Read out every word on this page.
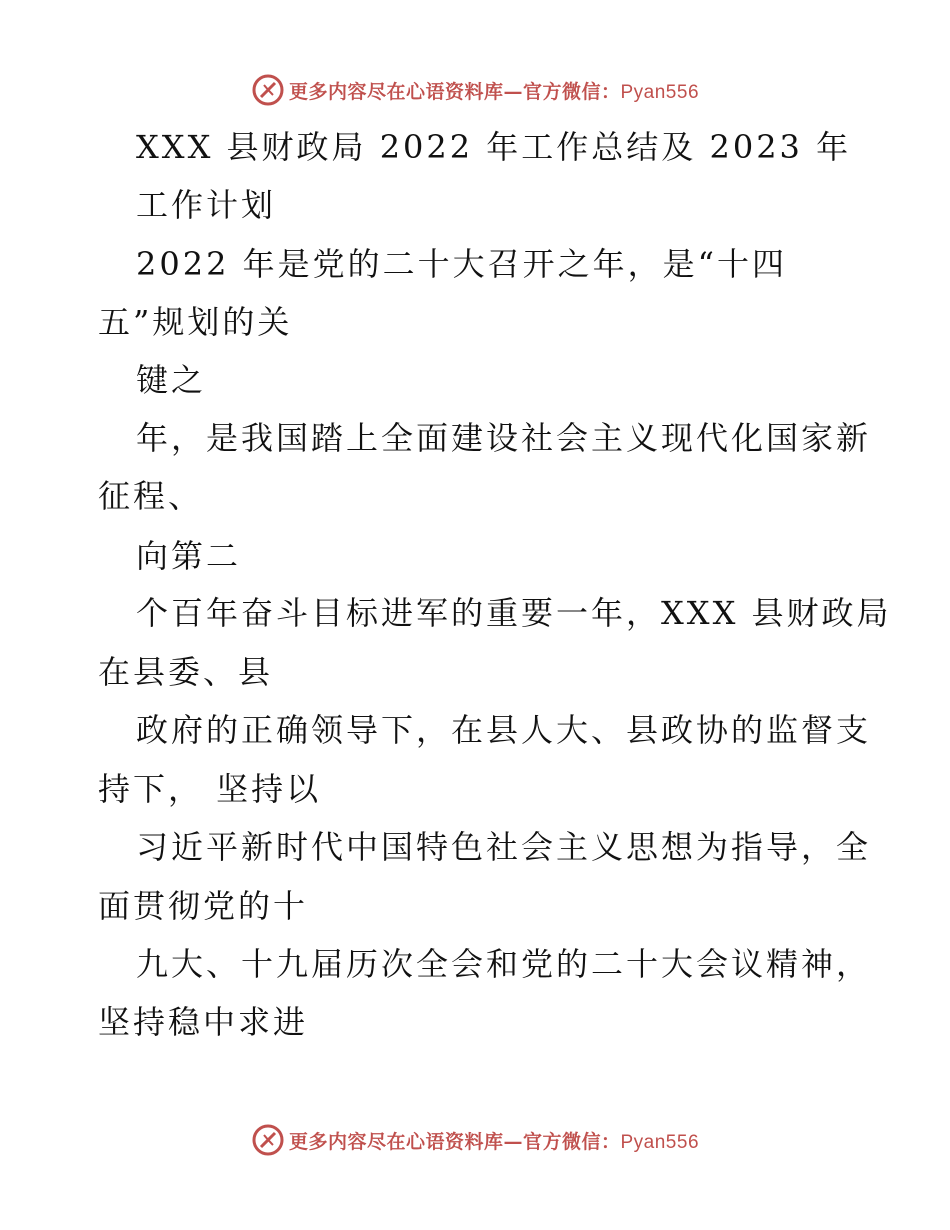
更多内容尽在心语资料库—官方微信：Pyan556
XXX 县财政局 2022 年工作总结及 2023 年
工作计划
2022 年是党的二十大召开之年，是“十四
五”规划的关
键之
年，是我国踏上全面建设社会主义现代化国家新
征程、
向第二
个百年奋斗目标进军的重要一年，XXX 县财政局
在县委、县
政府的正确领导下，在县人大、县政协的监督支
持下， 坚持以
习近平新时代中国特色社会主义思想为指导，全
面贯彻党的十
九大、十九届历次全会和党的二十大会议精神，
坚持稳中求进
更多内容尽在心语资料库—官方微信：Pyan556
